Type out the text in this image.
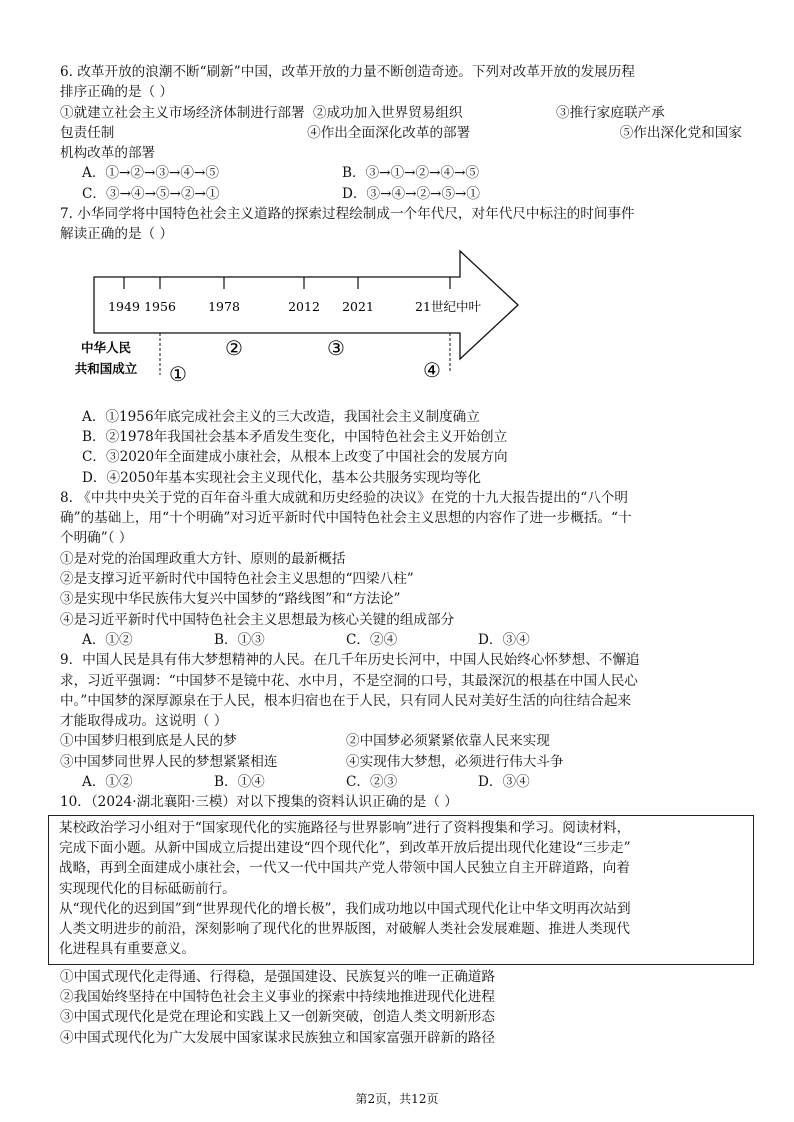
6. 改革开放的浪潮不断“刷新”中国，改革开放的力量不断创造奇迹。下列对改革开放的发展历程
排序正确的是（ ）
①就建立社会主义市场经济体制进行部署 ②成功加入世界贸易组织	③推行家庭联产承
包责任制	④作出全面深化改革的部署	⑤作出深化党和国家
机构改革的部署
A．①→②→③→④→⑤	B．③→①→②→④→⑤
C．③→④→⑤→②→①	D．③→④→②→⑤→①
7. 小华同学将中国特色社会主义道路的探索过程绘制成一个年代尺，对年代尺中标注的时间事件
解读正确的是（ ）
1949 1956	1978	2012 2021	21世纪中叶
中华人民
共和国成立 ①
②	③
④
A．①1956年底完成社会主义的三大改造，我国社会主义制度确立
B．②1978年我国社会基本矛盾发生变化，中国特色社会主义开始创立
C．③2020年全面建成小康社会，从根本上改变了中国社会的发展方向
D．④2050年基本实现社会主义现代化，基本公共服务实现均等化
8. 《中共中央关于党的百年奋斗重大成就和历史经验的决议》在党的十九大报告提出的“八个明
确”的基础上，用“十个明确”对习近平新时代中国特色社会主义思想的内容作了进一步概括。“十
个明确”（ ）
①是对党的治国理政重大方针、原则的最新概括
②是支撑习近平新时代中国特色社会主义思想的“四梁八柱”
③是实现中华民族伟大复兴中国梦的“路线图”和“方法论”
④是习近平新时代中国特色社会主义思想最为核心关键的组成部分
A．①②	B．①③	C．②④	D．③④
9．中国人民是具有伟大梦想精神的人民。在几千年历史长河中，中国人民始终心怀梦想、不懈追
求，习近平强调：“中国梦不是镜中花、水中月，不是空洞的口号，其最深沉的根基在中国人民心
中。”中国梦的深厚源泉在于人民，根本归宿也在于人民，只有同人民对美好生活的向往结合起来
才能取得成功。这说明（ ）
①中国梦归根到底是人民的梦	②中国梦必须紧紧依靠人民来实现
③中国梦同世界人民的梦想紧紧相连	④实现伟大梦想，必须进行伟大斗争
A．①②	B．①④	C．②③	D．③④
10．（2024·湖北襄阳·三模）对以下搜集的资料认识正确的是（ ）
某校政治学习小组对于“国家现代化的实施路径与世界影响”进行了资料搜集和学习。阅读材料，
完成下面小题。从新中国成立后提出建设“四个现代化”，到改革开放后提出现代化建设“三步走”
战略，再到全面建成小康社会，一代又一代中国共产党人带领中国人民独立自主开辟道路，向着
实现现代化的目标砥砺前行。
从“现代化的迟到国”到“世界现代化的增长极”，我们成功地以中国式现代化让中华文明再次站到
人类文明进步的前沿，深刻影响了现代化的世界版图，对破解人类社会发展难题、推进人类现代
化进程具有重要意义。
①中国式现代化走得通、行得稳，是强国建设、民族复兴的唯一正确道路
②我国始终坚持在中国特色社会主义事业的探索中持续地推进现代化进程
③中国式现代化是党在理论和实践上又一创新突破，创造人类文明新形态
④中国式现代化为广大发展中国家谋求民族独立和国家富强开辟新的路径
第2页，共12页
